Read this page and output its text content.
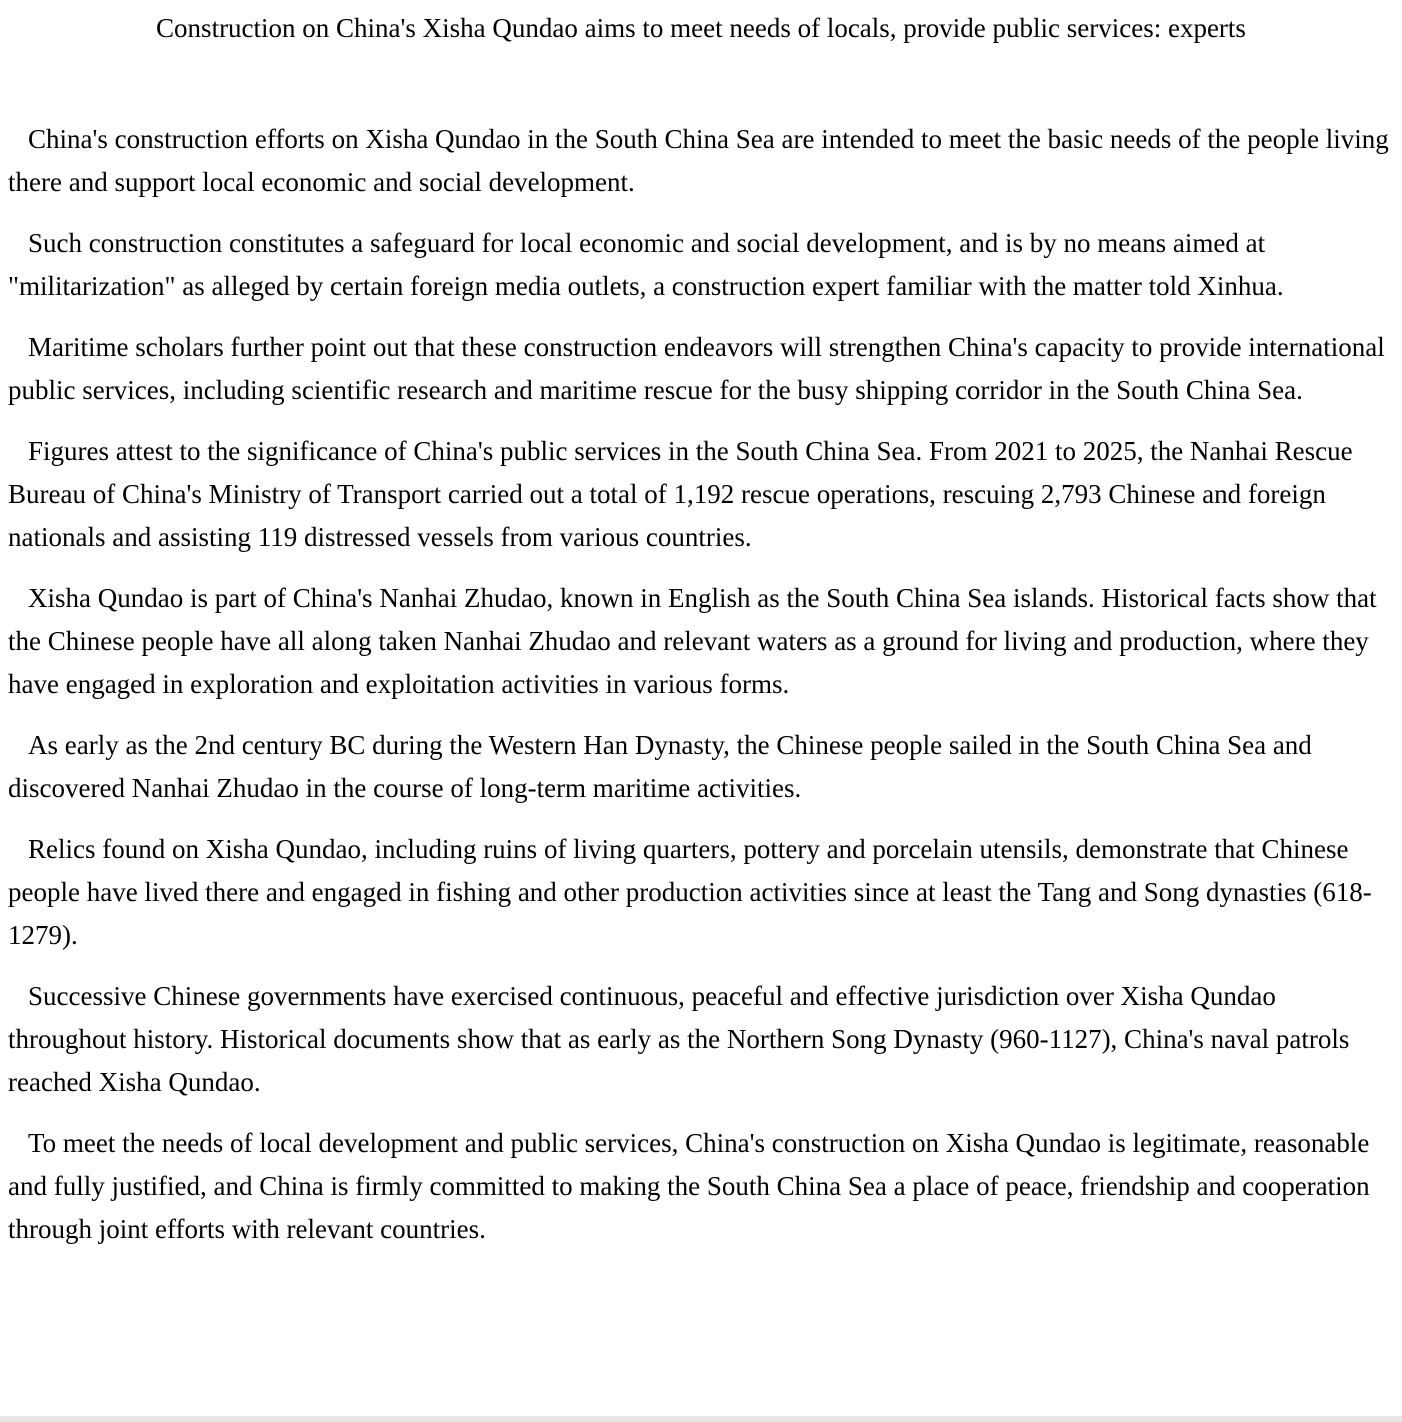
Construction on China's Xisha Qundao aims to meet needs of locals, provide public services: experts

China's construction efforts on Xisha Qundao in the South China Sea are intended to meet the basic needs of the people living there and support local economic and social development.

Such construction constitutes a safeguard for local economic and social development, and is by no means aimed at "militarization" as alleged by certain foreign media outlets, a construction expert familiar with the matter told Xinhua.

Maritime scholars further point out that these construction endeavors will strengthen China's capacity to provide international public services, including scientific research and maritime rescue for the busy shipping corridor in the South China Sea.

Figures attest to the significance of China's public services in the South China Sea. From 2021 to 2025, the Nanhai Rescue Bureau of China's Ministry of Transport carried out a total of 1,192 rescue operations, rescuing 2,793 Chinese and foreign nationals and assisting 119 distressed vessels from various countries.

Xisha Qundao is part of China's Nanhai Zhudao, known in English as the South China Sea islands. Historical facts show that the Chinese people have all along taken Nanhai Zhudao and relevant waters as a ground for living and production, where they have engaged in exploration and exploitation activities in various forms.

As early as the 2nd century BC during the Western Han Dynasty, the Chinese people sailed in the South China Sea and discovered Nanhai Zhudao in the course of long-term maritime activities.

Relics found on Xisha Qundao, including ruins of living quarters, pottery and porcelain utensils, demonstrate that Chinese people have lived there and engaged in fishing and other production activities since at least the Tang and Song dynasties (618-1279).

Successive Chinese governments have exercised continuous, peaceful and effective jurisdiction over Xisha Qundao throughout history. Historical documents show that as early as the Northern Song Dynasty (960-1127), China's naval patrols reached Xisha Qundao.

To meet the needs of local development and public services, China's construction on Xisha Qundao is legitimate, reasonable and fully justified, and China is firmly committed to making the South China Sea a place of peace, friendship and cooperation through joint efforts with relevant countries.
